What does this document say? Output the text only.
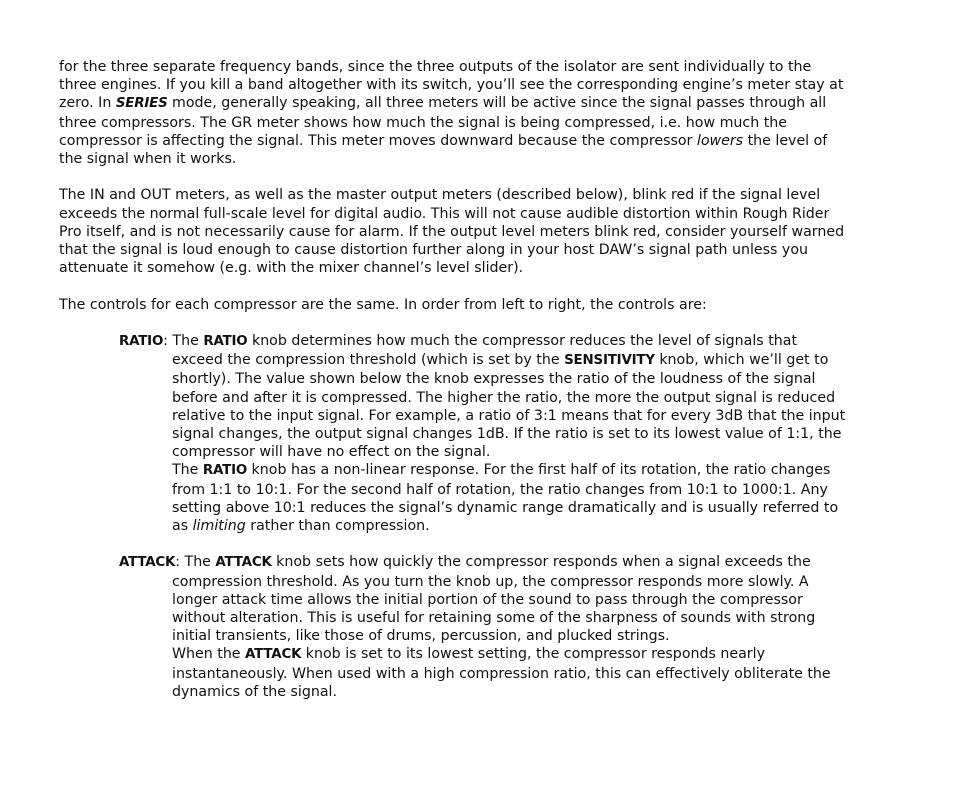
for the three separate frequency bands, since the three outputs of the isolator are sent individually to the

three engines. If you kill a band altogether with its switch, you’ll see the corresponding engine’s meter stay at

zero. In SERIES mode, generally speaking, all three meters will be active since the signal passes through all

three compressors. The GR meter shows how much the signal is being compressed, i.e. how much the

compressor is affecting the signal. This meter moves downward because the compressor lowers the level of

the signal when it works.

The IN and OUT meters, as well as the master output meters (described below), blink red if the signal level

exceeds the normal full-scale level for digital audio. This will not cause audible distortion within Rough Rider

Pro itself, and is not necessarily cause for alarm. If the output level meters blink red, consider yourself warned

that the signal is loud enough to cause distortion further along in your host DAW’s signal path unless you

attenuate it somehow (e.g. with the mixer channel’s level slider).

The controls for each compressor are the same. In order from left to right, the controls are:

RATIO: The RATIO knob determines how much the compressor reduces the level of signals that

exceed the compression threshold (which is set by the SENSITIVITY knob, which we’ll get to

shortly). The value shown below the knob expresses the ratio of the loudness of the signal

before and after it is compressed. The higher the ratio, the more the output signal is reduced

relative to the input signal. For example, a ratio of 3:1 means that for every 3dB that the input

signal changes, the output signal changes 1dB. If the ratio is set to its lowest value of 1:1, the

compressor will have no effect on the signal.

The RATIO knob has a non-linear response. For the first half of its rotation, the ratio changes

from 1:1 to 10:1. For the second half of rotation, the ratio changes from 10:1 to 1000:1. Any

setting above 10:1 reduces the signal’s dynamic range dramatically and is usually referred to

as limiting rather than compression.

ATTACK: The ATTACK knob sets how quickly the compressor responds when a signal exceeds the

compression threshold. As you turn the knob up, the compressor responds more slowly. A

longer attack time allows the initial portion of the sound to pass through the compressor

without alteration. This is useful for retaining some of the sharpness of sounds with strong

initial transients, like those of drums, percussion, and plucked strings.

When the ATTACK knob is set to its lowest setting, the compressor responds nearly

instantaneously. When used with a high compression ratio, this can effectively obliterate the

dynamics of the signal.
